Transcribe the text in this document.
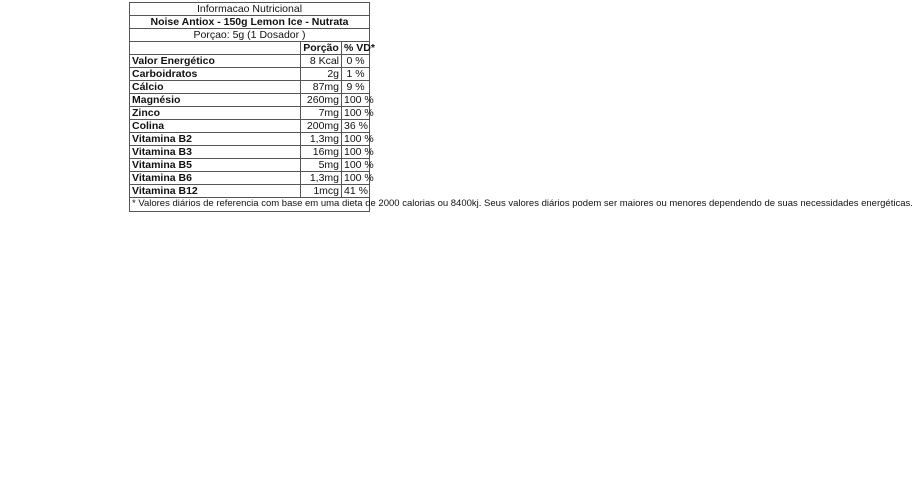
Informacao Nutricional		
Noise Antiox - 150g Lemon Ice - Nutrata		
Porçao: 5g (1 Dosador )		
	Porção	% VD*
Valor Energético	8 Kcal	0 %
Carboidratos	2g	1 %
Cálcio	87mg	9 %
Magnésio	260mg	100 %
Zinco	7mg	100 %
Colina	200mg	36 %
Vitamina B2	1,3mg	100 %
Vitamina B3	16mg	100 %
Vitamina B5	5mg	100 %
Vitamina B6	1,3mg	100 %
Vitamina B12	1mcg	41 %
* Valores diários de referencia com base em uma dieta de 2000 calorias ou 8400kj. Seus valores diários podem ser maiores ou menores dependendo de suas necessidades energéticas.		
